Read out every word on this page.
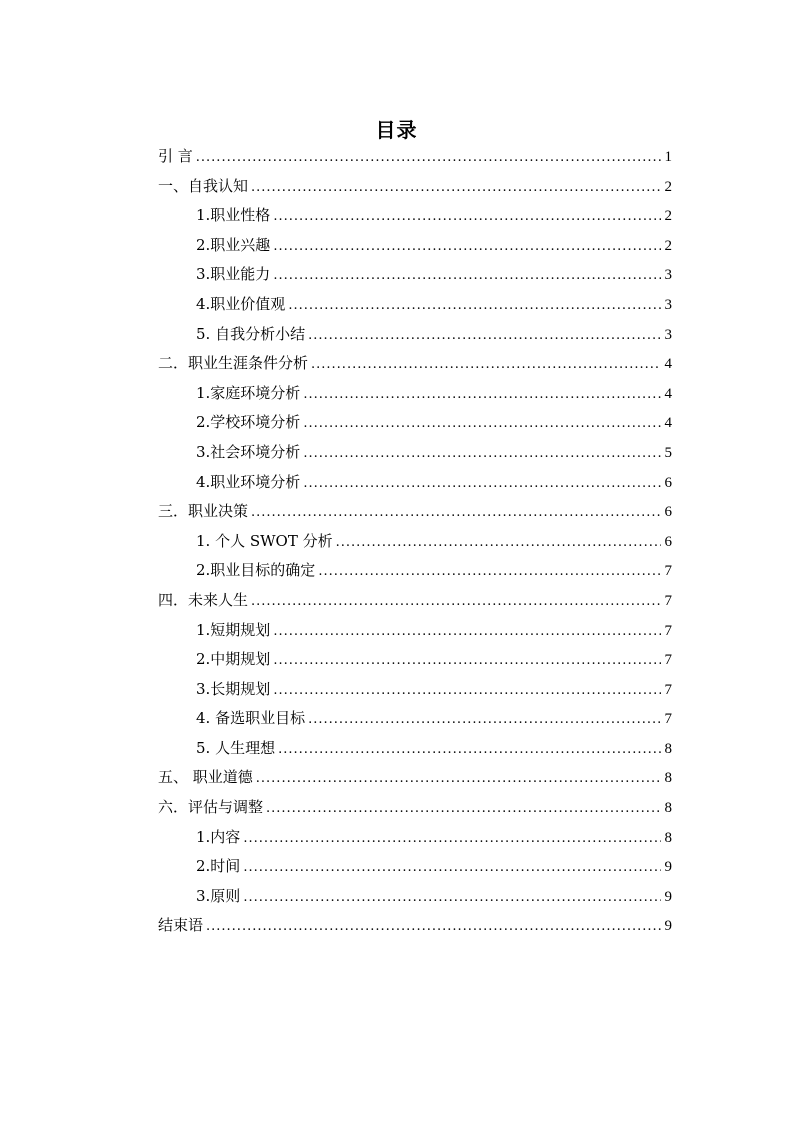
目录
引 言 .....	1
一、自我认知 .....	2
1.职业性格 .....	2
2.职业兴趣 .....	2
3.职业能力 .....	3
4.职业价值观 .....	3
5. 自我分析小结 .....	3
二．职业生涯条件分析 .....	4
1.家庭环境分析 .....	4
2.学校环境分析 .....	4
3.社会环境分析 .....	5
4.职业环境分析 .....	6
三．职业决策 .....	6
1. 个人 SWOT 分析 .....	6
2.职业目标的确定 .....	7
四．未来人生 .....	7
1.短期规划 .....	7
2.中期规划 .....	7
3.长期规划 .....	7
4. 备选职业目标 .....	7
5. 人生理想 .....	8
五、 职业道德 .....	8
六．评估与调整 .....	8
1.内容 .....	8
2.时间 .....	9
3.原则 .....	9
结束语 .....	9
